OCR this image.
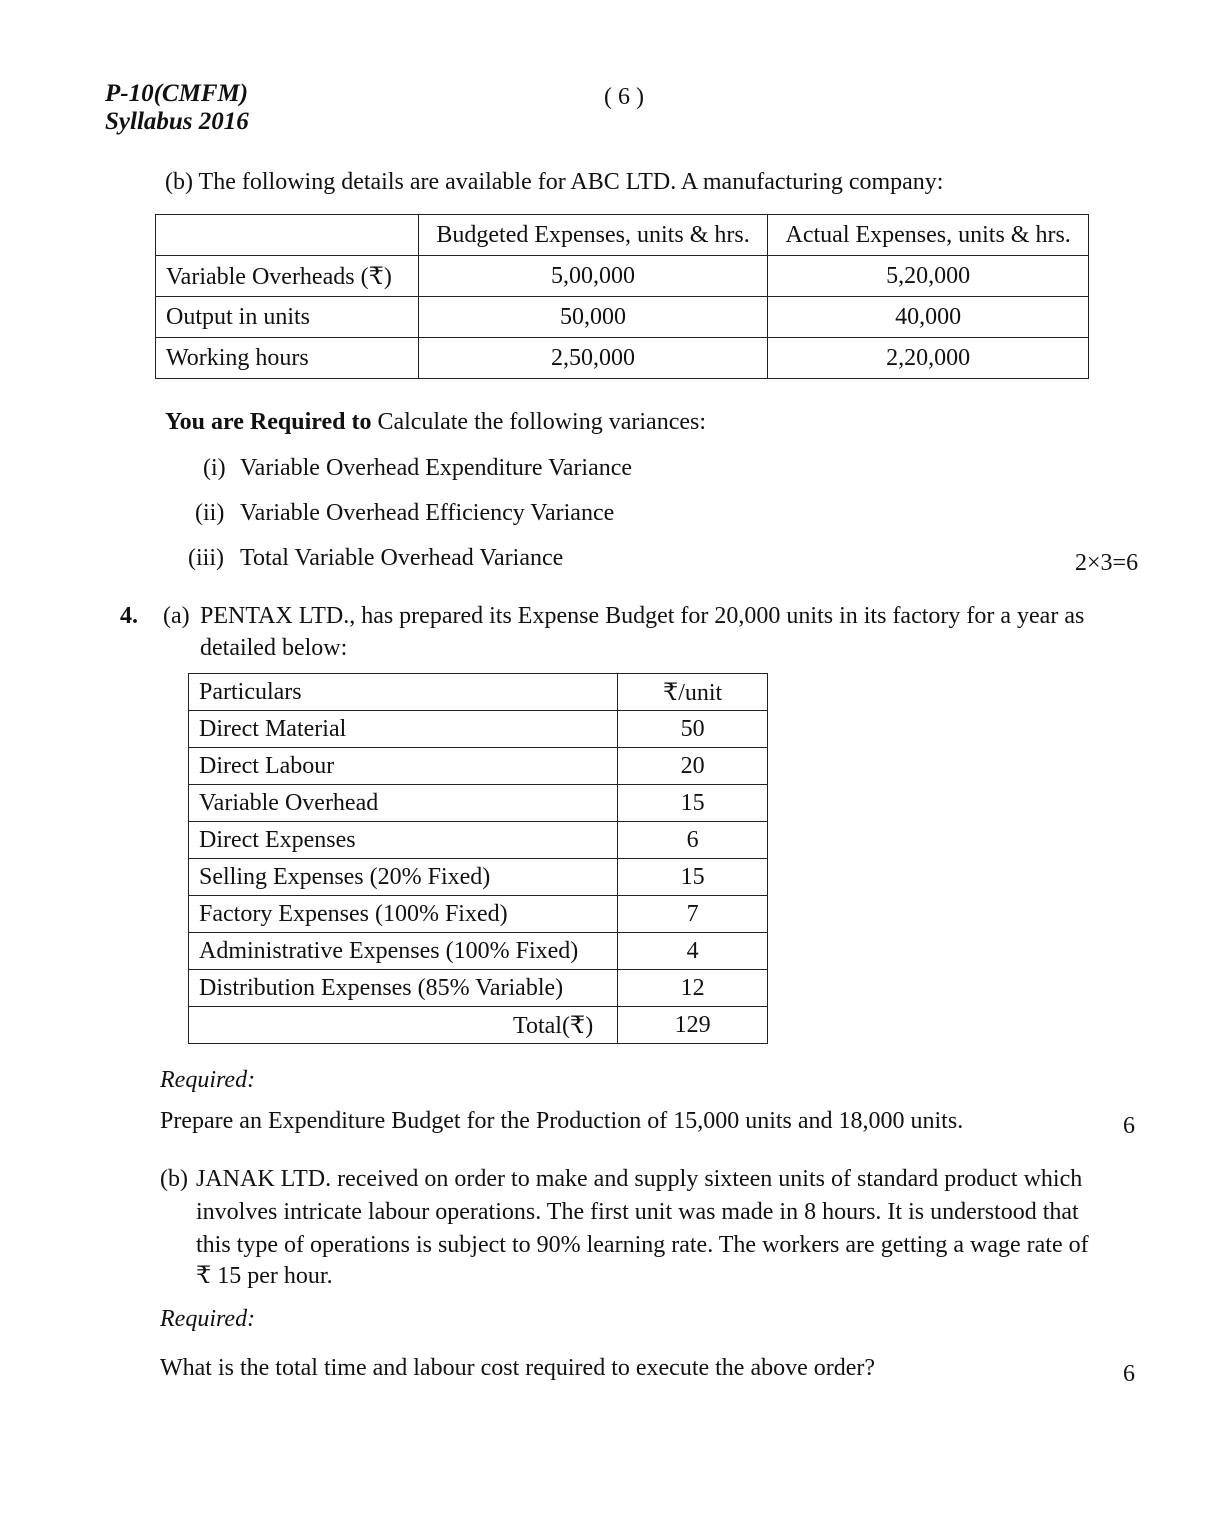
P-10(CMFM)
Syllabus 2016
( 6 )
(b) The following details are available for ABC LTD. A manufacturing company:
	Budgeted Expenses, units & hrs.	Actual Expenses, units & hrs.
Variable Overheads (₹)	5,00,000	5,20,000
Output in units	50,000	40,000
Working hours	2,50,000	2,20,000
You are Required to Calculate the following variances:
(i) Variable Overhead Expenditure Variance
(ii) Variable Overhead Efficiency Variance
(iii) Total Variable Overhead Variance	2×3=6
4. (a) PENTAX LTD., has prepared its Expense Budget for 20,000 units in its factory for a year as
detailed below:
Particulars	₹/unit
Direct Material	50
Direct Labour	20
Variable Overhead	15
Direct Expenses	6
Selling Expenses (20% Fixed)	15
Factory Expenses (100% Fixed)	7
Administrative Expenses (100% Fixed)	4
Distribution Expenses (85% Variable)	12
Total(₹)	129
Required:
Prepare an Expenditure Budget for the Production of 15,000 units and 18,000 units.	6
(b) JANAK LTD. received on order to make and supply sixteen units of standard product which
involves intricate labour operations. The first unit was made in 8 hours. It is understood that
this type of operations is subject to 90% learning rate. The workers are getting a wage rate of
₹ 15 per hour.
Required:
What is the total time and labour cost required to execute the above order?	6
